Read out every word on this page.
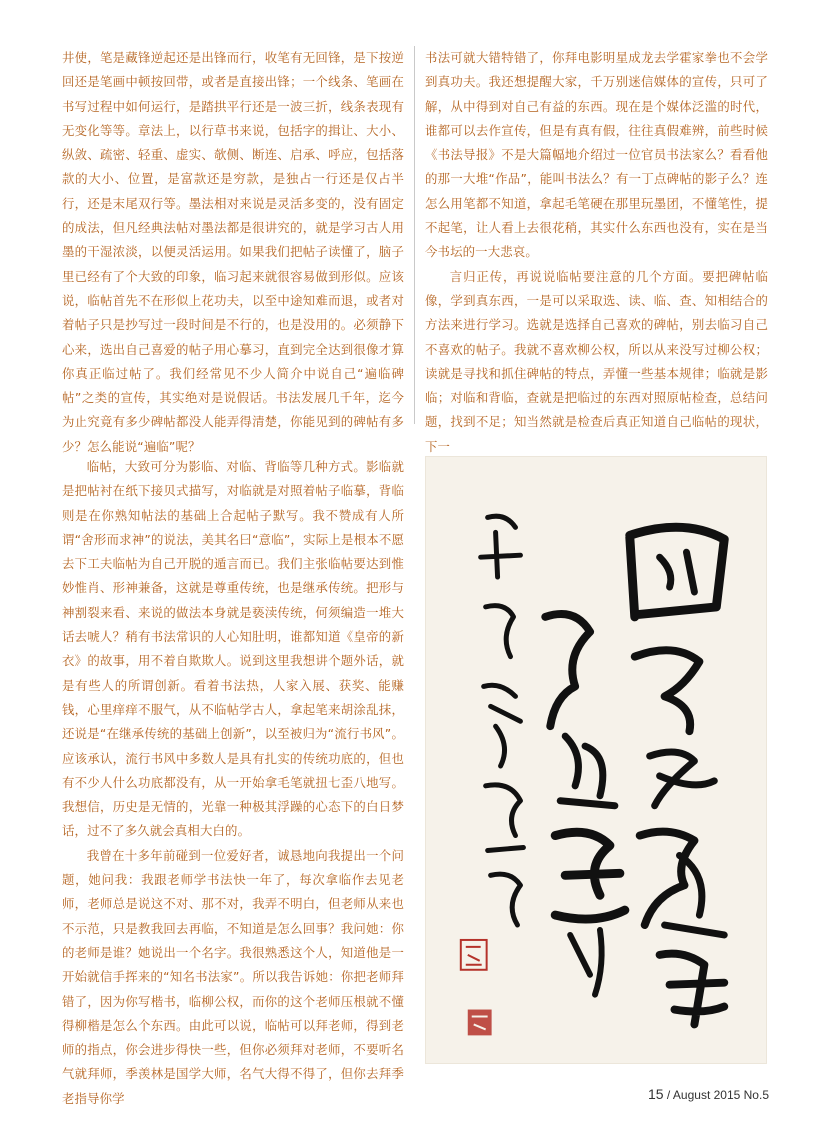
井使，笔是藏锋逆起还是出锋而行，收笔有无回锋，是下按逆回还是笔画中顿按回带，或者是直接出锋；一个线条、笔画在书写过程中如何运行，是踏拱平行还是一波三折，线条表现有无变化等等。章法上，以行草书来说，包括字的揖让、大小、纵敛、疏密、轻重、虚实、欹侧、断连、启承、呼应，包括落款的大小、位置，是富款还是穷款，是独占一行还是仅占半行，还是末尾双行等。墨法相对来说是灵活多变的，没有固定的成法，但凡经典法帖对墨法都是很讲究的，就是学习古人用墨的干湿浓淡，以便灵活运用。如果我们把帖子读懂了，脑子里已经有了个大致的印象，临习起来就很容易做到形似。应该说，临帖首先不在形似上花功夫，以至中途知难而退，或者对着帖子只是抄写过一段时间是不行的，也是没用的。必须静下心来，选出自己喜爱的帖子用心摹习，直到完全达到很像才算你真正临过帖了。我们经常见不少人简介中说自己“遍临碑帖”之类的宣传，其实绝对是说假话。书法发展几千年，迄今为止究竟有多少碑帖都没人能弄得清楚，你能见到的碑帖有多少？怎么能说“遍临”呢？

书法可就大错特错了，你拜电影明星成龙去学霍家拳也不会学到真功夫。我还想提醒大家，千万别迷信媒体的宣传，只可了解，从中得到对自己有益的东西。现在是个媒体泛滥的时代，谁都可以去作宣传，但是有真有假，往往真假难辨，前些时候《书法导报》不是大篇幅地介绍过一位官员书法家么？看看他的那一大堆“作品”，能叫书法么？有一丁点碑帖的影子么？连怎么用笔都不知道，拿起毛笔硬在那里玩墨团，不懂笔性，提不起笔，让人看上去很花稍，其实什么东西也没有，实在是当今书坛的一大悲哀。

言归正传，再说说临帖要注意的几个方面。要把碑帖临像，学到真东西，一是可以采取选、读、临、查、知相结合的方法来进行学习。选就是选择自己喜欢的碑帖，别去临习自己不喜欢的帖子。我就不喜欢柳公权，所以从来没写过柳公权；读就是寻找和抓住碑帖的特点，弄懂一些基本规律；临就是影临；对临和背临，查就是把临过的东西对照原帖检查，总结问题，找到不足；知当然就是检查后真正知道自己临帖的现状，下一

临帖，大致可分为影临、对临、背临等几种方式。影临就是把帖衬在纸下接贝式描写，对临就是对照着帖子临摹，背临则是在你熟知帖法的基础上合起帖子默写。我不赞成有人所谓“舍形而求神”的说法，美其名曰“意临”，实际上是根本不愿去下工夫临帖为自己开脱的遁言而已。我们主张临帖要达到惟妙惟肖、形神兼备，这就是尊重传统，也是继承传统。把形与神割裂来看、来说的做法本身就是亵渎传统，何须编造一堆大话去唬人？稍有书法常识的人心知肚明，谁都知道《皇帝的新衣》的故事，用不着自欺欺人。说到这里我想讲个题外话，就是有些人的所谓创新。看着书法热，人家入展、获奖、能赚钱，心里痒痒不服气，从不临帖学古人，拿起笔来胡涂乱抹，还说是“在继承传统的基础上创新”，以至被归为“流行书风”。应该承认，流行书风中多数人是具有扎实的传统功底的，但也有不少人什么功底都没有，从一开始拿毛笔就扭七歪八地写。我想信，历史是无情的，光靠一种极其浮躁的心态下的白日梦话，过不了多久就会真相大白的。

我曾在十多年前碰到一位爱好者，诚恳地向我提出一个问题，她问我：我跟老师学书法快一年了，每次拿临作去见老师，老师总是说这不对、那不对，我弄不明白，但老师从来也不示范，只是教我回去再临，不知道是怎么回事？我问她：你的老师是谁？她说出一个名字。我很熟悉这个人，知道他是一开始就信手挥来的“知名书法家”。所以我告诉她：你把老师拜错了，因为你写楷书，临柳公权，而你的这个老师压根就不懂得柳楷是怎么个东西。由此可以说，临帖可以拜老师，得到老师的指点，你会进步得快一些，但你必须拜对老师，不要听名气就拜师，季羡林是国学大师，名气大得不得了，但你去拜季老指导你学	15 / August 2015 No.5
